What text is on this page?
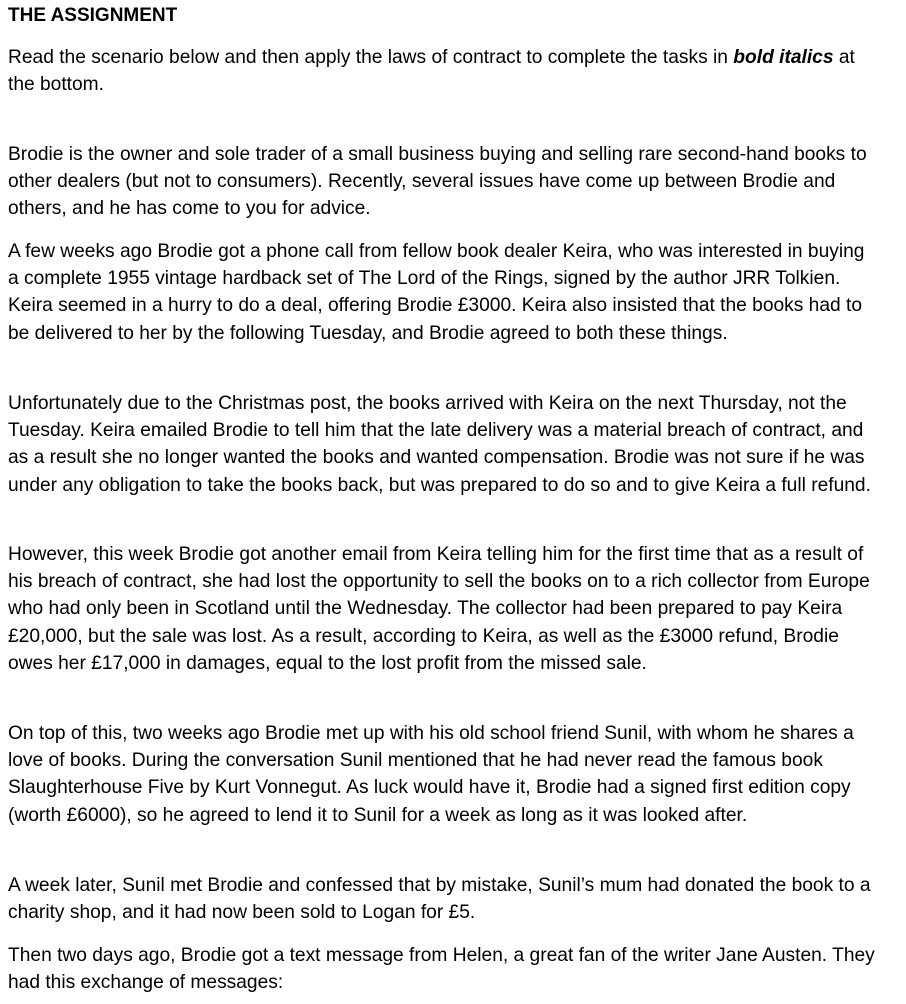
THE ASSIGNMENT

Read the scenario below and then apply the laws of contract to complete the tasks in bold italics at the bottom.

Brodie is the owner and sole trader of a small business buying and selling rare second-hand books to other dealers (but not to consumers). Recently, several issues have come up between Brodie and others, and he has come to you for advice.

A few weeks ago Brodie got a phone call from fellow book dealer Keira, who was interested in buying a complete 1955 vintage hardback set of The Lord of the Rings, signed by the author JRR Tolkien. Keira seemed in a hurry to do a deal, offering Brodie £3000. Keira also insisted that the books had to be delivered to her by the following Tuesday, and Brodie agreed to both these things.

Unfortunately due to the Christmas post, the books arrived with Keira on the next Thursday, not the Tuesday. Keira emailed Brodie to tell him that the late delivery was a material breach of contract, and as a result she no longer wanted the books and wanted compensation. Brodie was not sure if he was under any obligation to take the books back, but was prepared to do so and to give Keira a full refund.

However, this week Brodie got another email from Keira telling him for the first time that as a result of his breach of contract, she had lost the opportunity to sell the books on to a rich collector from Europe who had only been in Scotland until the Wednesday. The collector had been prepared to pay Keira £20,000, but the sale was lost. As a result, according to Keira, as well as the £3000 refund, Brodie owes her £17,000 in damages, equal to the lost profit from the missed sale.

On top of this, two weeks ago Brodie met up with his old school friend Sunil, with whom he shares a love of books. During the conversation Sunil mentioned that he had never read the famous book Slaughterhouse Five by Kurt Vonnegut. As luck would have it, Brodie had a signed first edition copy (worth £6000), so he agreed to lend it to Sunil for a week as long as it was looked after.

A week later, Sunil met Brodie and confessed that by mistake, Sunil’s mum had donated the book to a charity shop, and it had now been sold to Logan for £5.

Then two days ago, Brodie got a text message from Helen, a great fan of the writer Jane Austen. They had this exchange of messages:
